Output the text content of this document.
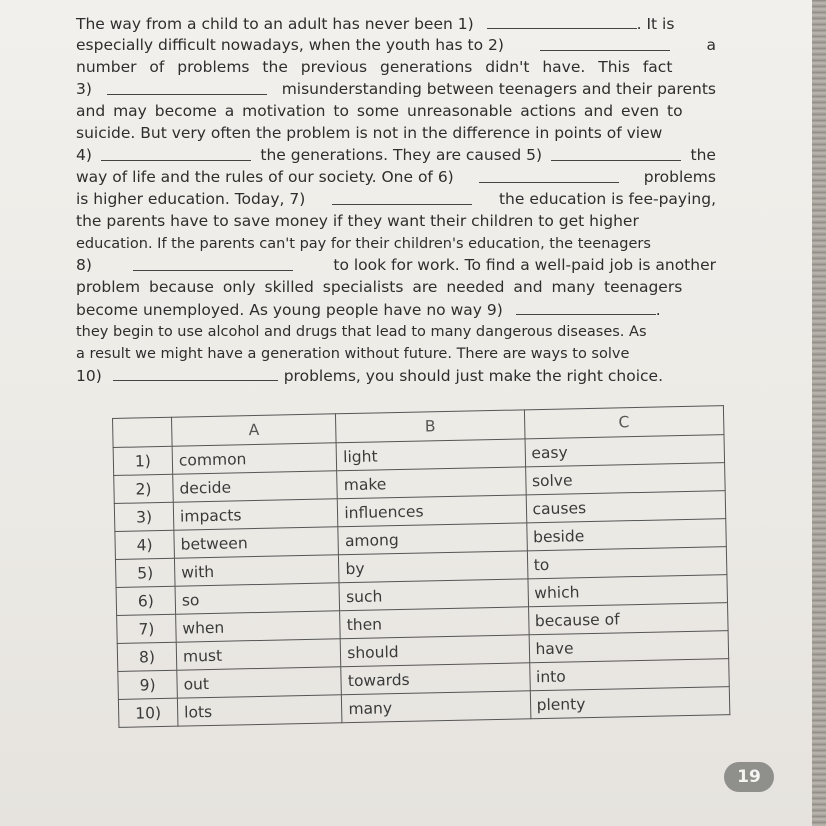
The way from a child to an adult has never been 1)	. It is
especially difficult nowadays, when the youth has to 2)	a
number of problems the previous generations didn't have. This fact
3)	misunderstanding between teenagers and their parents
and may become a motivation to some unreasonable actions and even to
suicide. But very often the problem is not in the difference in points of view
4)	the generations. They are caused 5)	the
way of life and the rules of our society. One of 6)	problems
is higher education. Today, 7)	the education is fee-paying,
the parents have to save money if they want their children to get higher
education. If the parents can't pay for their children's education, the teenagers
8)	to look for work. To find a well-paid job is another
problem because only skilled specialists are needed and many teenagers
become unemployed. As young people have no way 9)	.
they begin to use alcohol and drugs that lead to many dangerous diseases. As
a result we might have a generation without future. There are ways to solve
10)	problems, you should just make the right choice.
	A	B	C
1)	common	light	easy
2)	decide	make	solve
3)	impacts	influences	causes
4)	between	among	beside
5)	with	by	to
6)	so	such	which
7)	when	then	because of
8)	must	should	have
9)	out	towards	into
10)	lots	many	plenty
19
